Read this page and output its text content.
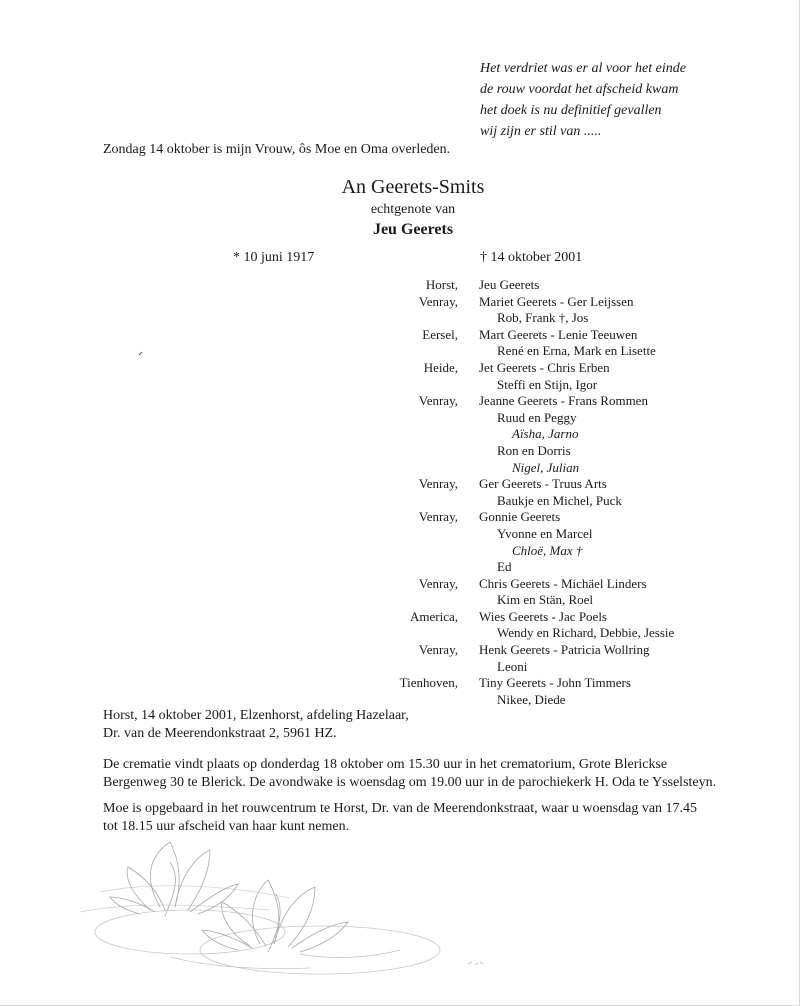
Het verdriet was er al voor het einde
de rouw voordat het afscheid kwam
het doek is nu definitief gevallen
wij zijn er stil van .....
Zondag 14 oktober is mijn Vrouw, ôs Moe en Oma overleden.
An Geerets-Smits
echtgenote van
Jeu Geerets
* 10 juni 1917	† 14 oktober 2001
Horst, Jeu Geerets
Venray, Mariet Geerets - Ger Leijssen
Rob, Frank †, Jos
Eersel, Mart Geerets - Lenie Teeuwen
René en Erna, Mark en Lisette
Heide, Jet Geerets - Chris Erben
Steffi en Stijn, Igor
Venray, Jeanne Geerets - Frans Rommen
Ruud en Peggy
Aïsha, Jarno
Ron en Dorris
Nigel, Julian
Venray, Ger Geerets - Truus Arts
Baukje en Michel, Puck
Venray, Gonnie Geerets
Yvonne en Marcel
Chloë, Max †
Ed
Venray, Chris Geerets - Michäel Linders
Kim en Stän, Roel
America, Wies Geerets - Jac Poels
Wendy en Richard, Debbie, Jessie
Venray, Henk Geerets - Patricia Wollring
Leoni
Tienhoven, Tiny Geerets - John Timmers
Nikee, Diede
Horst, 14 oktober 2001, Elzenhorst, afdeling Hazelaar,
Dr. van de Meerendonkstraat 2, 5961 HZ.
De crematie vindt plaats op donderdag 18 oktober om 15.30 uur in het crematorium, Grote Blerickse Bergenweg 30 te Blerick. De avondwake is woensdag om 19.00 uur in de parochiekerk H. Oda te Ysselsteyn.
Moe is opgebaard in het rouwcentrum te Horst, Dr. van de Meerendonkstraat, waar u woensdag van 17.45 tot 18.15 uur afscheid van haar kunt nemen.
